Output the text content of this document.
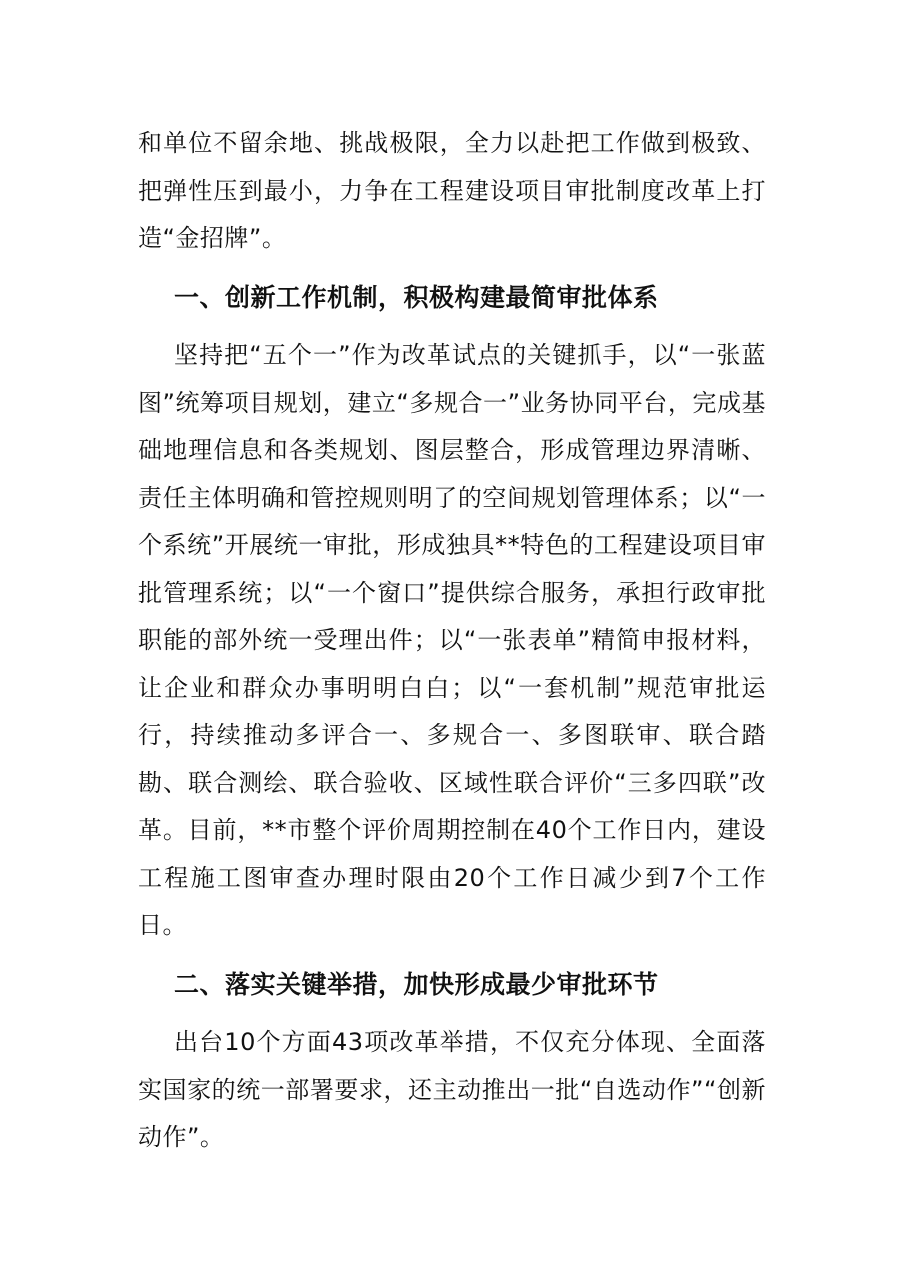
和单位不留余地、挑战极限，全力以赴把工作做到极致、把弹性压到最小，力争在工程建设项目审批制度改革上打造“金招牌”。

一、创新工作机制，积极构建最简审批体系

坚持把“五个一”作为改革试点的关键抓手，以“一张蓝图”统筹项目规划，建立“多规合一”业务协同平台，完成基础地理信息和各类规划、图层整合，形成管理边界清晰、责任主体明确和管控规则明了的空间规划管理体系；以“一个系统”开展统一审批，形成独具**特色的工程建设项目审批管理系统；以“一个窗口”提供综合服务，承担行政审批职能的部外统一受理出件；以“一张表单”精简申报材料，让企业和群众办事明明白白；以“一套机制”规范审批运行，持续推动多评合一、多规合一、多图联审、联合踏勘、联合测绘、联合验收、区域性联合评价“三多四联”改革。目前，**市整个评价周期控制在40个工作日内，建设工程施工图审查办理时限由20个工作日减少到7个工作日。

二、落实关键举措，加快形成最少审批环节

出台10个方面43项改革举措，不仅充分体现、全面落实国家的统一部署要求，还主动推出一批“自选动作”“创新动作”。
